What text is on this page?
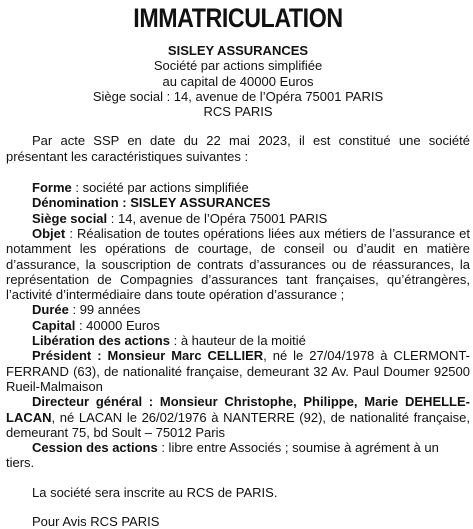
IMMATRICULATION

SISLEY ASSURANCES

Société par actions simplifiée

au capital de 40000 Euros

Siège social : 14, avenue de l’Opéra 75001 PARIS

RCS PARIS

Par acte SSP en date du 22 mai 2023, il est constitué une société présentant les caractéristiques suivantes :

Forme : société par actions simplifiée

Dénomination : SISLEY ASSURANCES

Siège social : 14, avenue de l’Opéra 75001 PARIS

Objet : Réalisation de toutes opérations liées aux métiers de l’assurance et notamment les opérations de courtage, de conseil ou d’audit en matière d’assurance, la souscription de contrats d’assurances ou de réassurances, la représentation de Compagnies d’assurances tant françaises, qu’étrangères, l’activité d’intermédiaire dans toute opération d’assurance ;

Durée : 99 années

Capital : 40000 Euros

Libération des actions : à hauteur de la moitié

Président : Monsieur Marc CELLIER, né le 27/04/1978 à CLERMONT-FERRAND (63), de nationalité française, demeurant 32 Av. Paul Doumer 92500 Rueil-Malmaison

Directeur général : Monsieur Christophe, Philippe, Marie DEHELLE-LACAN, né LACAN le 26/02/1976 à NANTERRE (92), de nationalité française, demeurant 75, bd Soult – 75012 Paris

Cession des actions : libre entre Associés ; soumise à agrément à un tiers.

La société sera inscrite au RCS de PARIS.

Pour Avis RCS PARIS
